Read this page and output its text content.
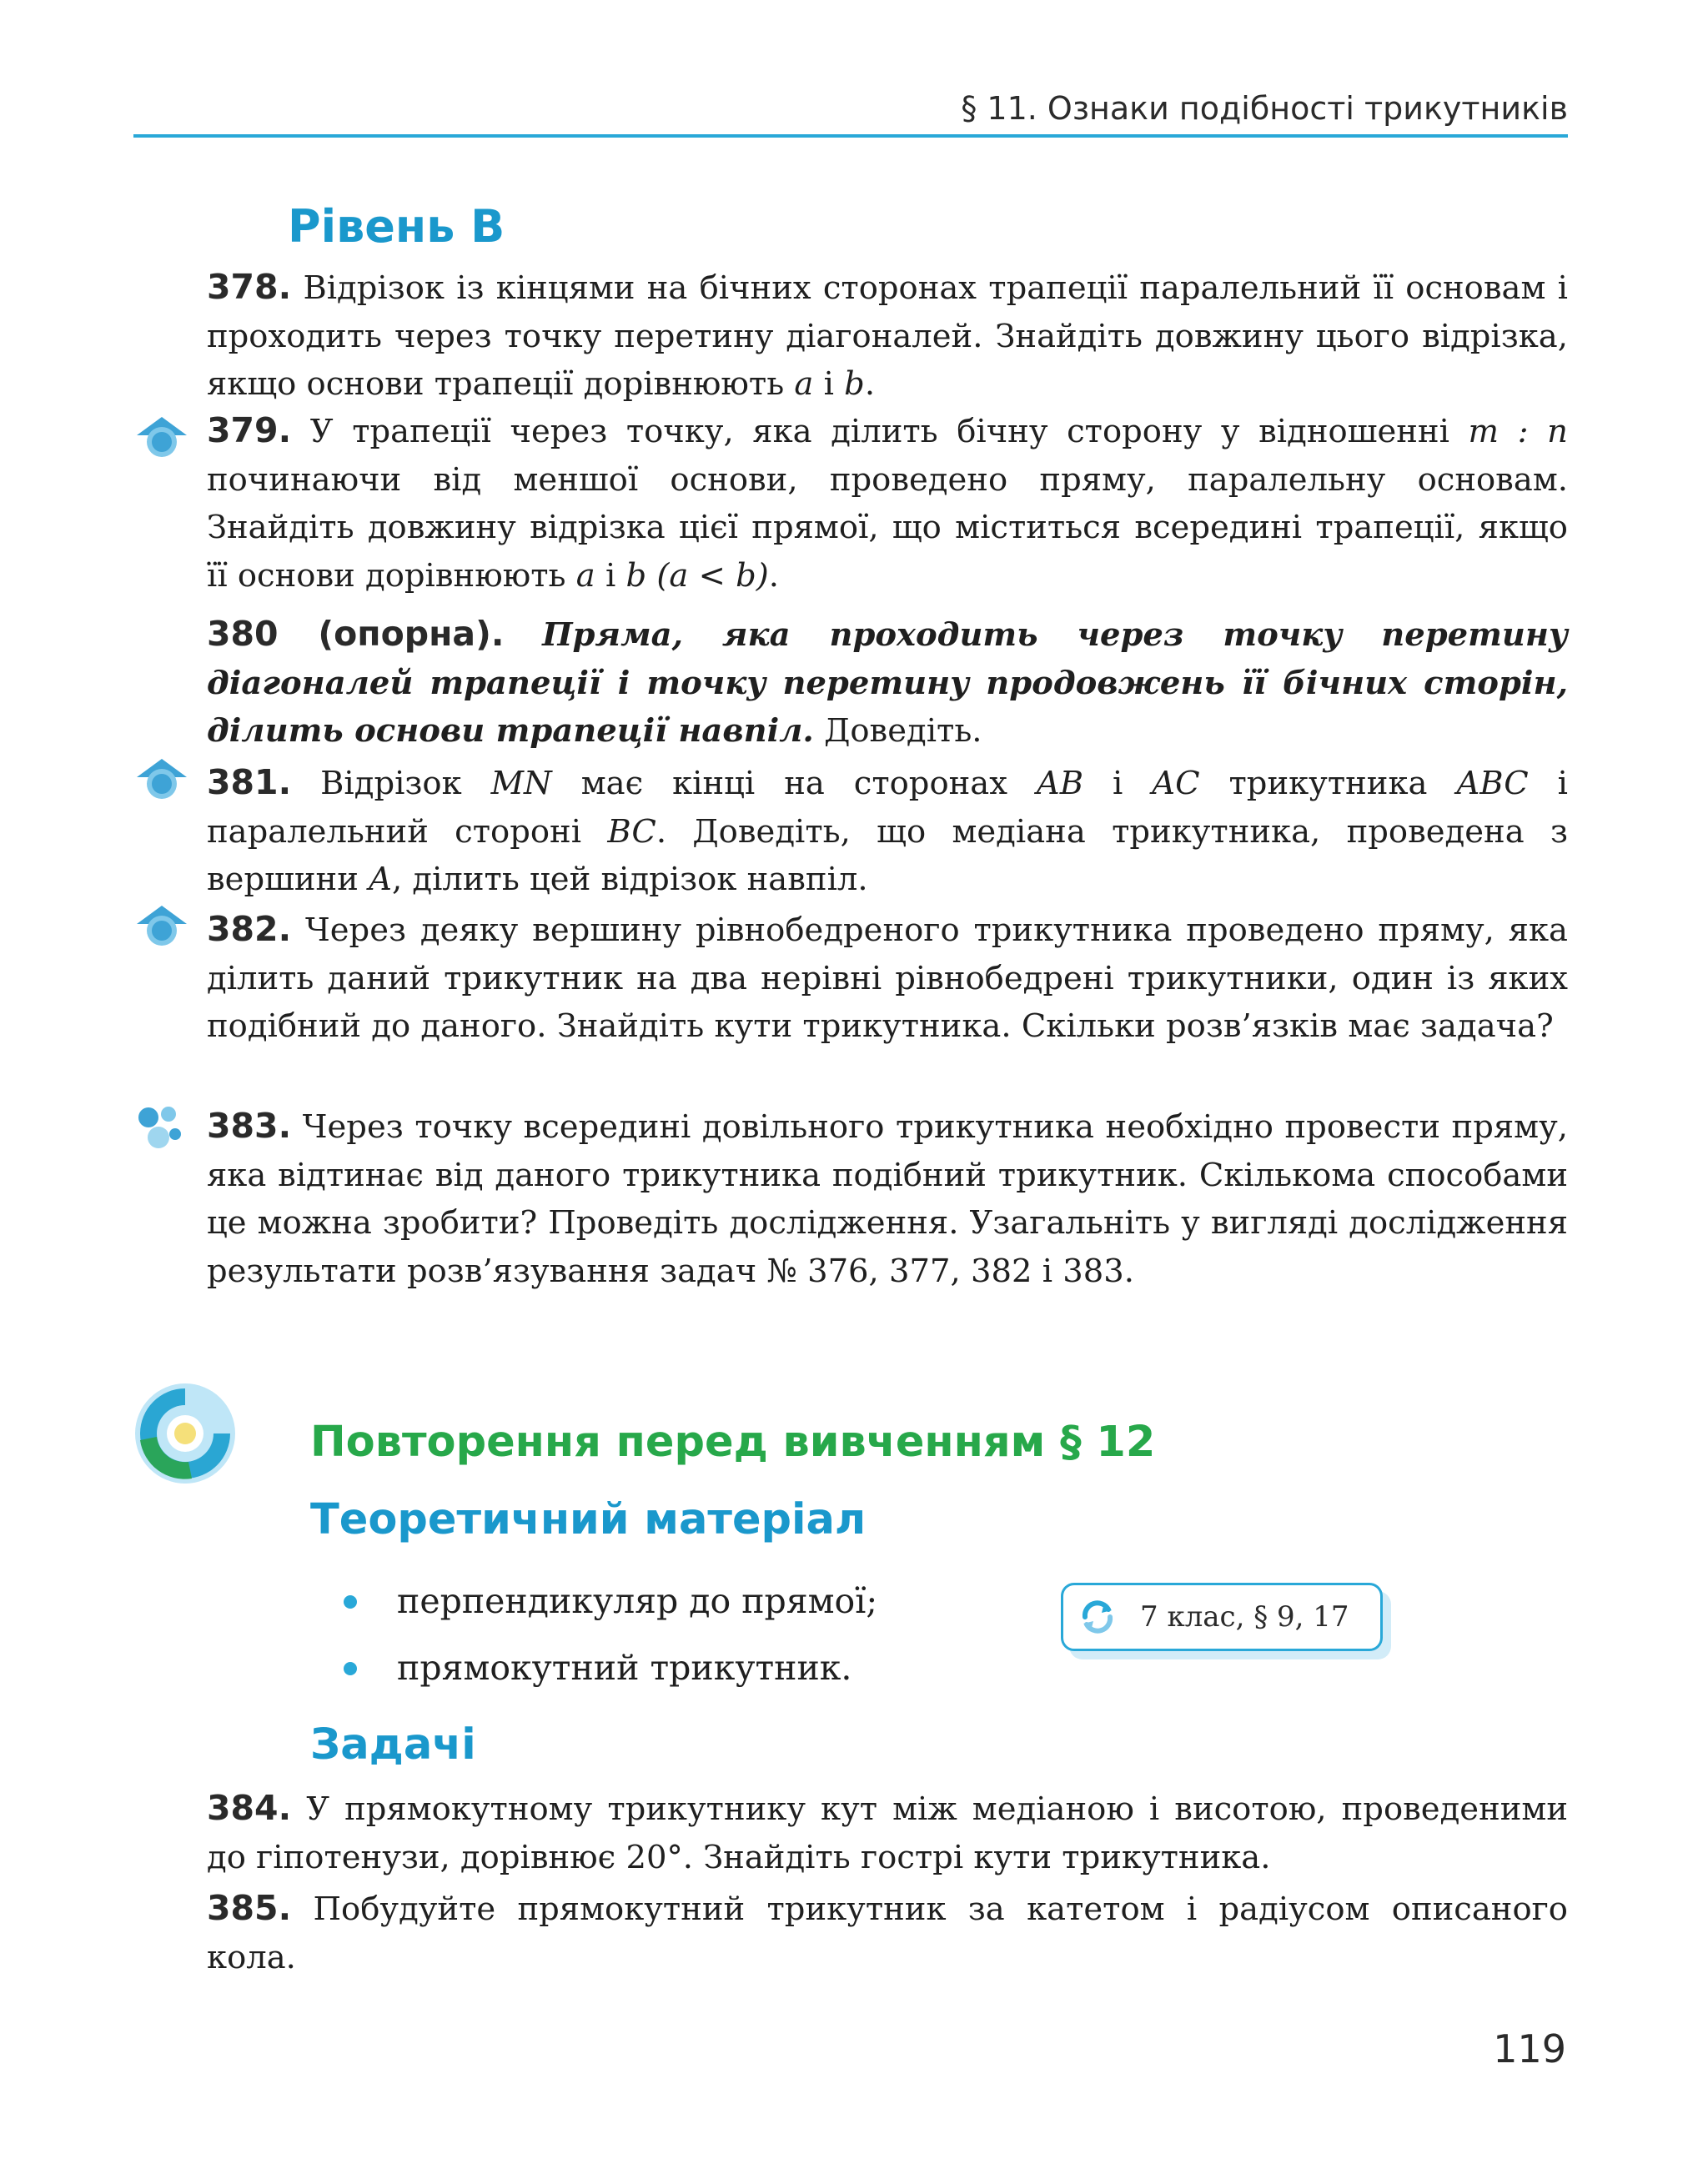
§ 11. Ознаки подібності трикутників
Рівень В

378. Відрізок із кінцями на бічних сторонах трапеції паралельний її основам і проходить через точку перетину діагоналей. Знайдіть довжину цього відрізка, якщо основи трапеції дорівнюють a і b.

379. У трапеції через точку, яка ділить бічну сторону у відношенні m : n починаючи від меншої основи, проведено пряму, паралельну основам. Знайдіть довжину відрізка цієї прямої, що міститься всередині трапеції, якщо її основи дорівнюють a і b (a < b).

380 (опорна). Пряма, яка проходить через точку перетину діагоналей трапеції і точку перетину продовжень її бічних сторін, ділить основи трапеції навпіл. Доведіть.

381. Відрізок MN має кінці на сторонах AB і AC трикутника ABC і паралельний стороні BC. Доведіть, що медіана трикутника, проведена з вершини A, ділить цей відрізок навпіл.

382. Через деяку вершину рівнобедреного трикутника проведено пряму, яка ділить даний трикутник на два нерівні рівнобедрені трикутники, один із яких подібний до даного. Знайдіть кути трикутника. Скільки розв’язків має задача?

383. Через точку всередині довільного трикутника необхідно провести пряму, яка відтинає від даного трикутника подібний трикутник. Скількома способами це можна зробити? Проведіть дослідження. Узагальніть у вигляді дослідження результати розв’язування задач № 376, 377, 382 і 383.

Повторення перед вивченням § 12
Теоретичний матеріал
перпендикуляр до прямої;
прямокутний трикутник.
7 клас, § 9, 17
Задачі

384. У прямокутному трикутнику кут між медіаною і висотою, проведеними до гіпотенузи, дорівнює 20°. Знайдіть гострі кути трикутника.

385. Побудуйте прямокутний трикутник за катетом і радіусом описаного кола.

119
